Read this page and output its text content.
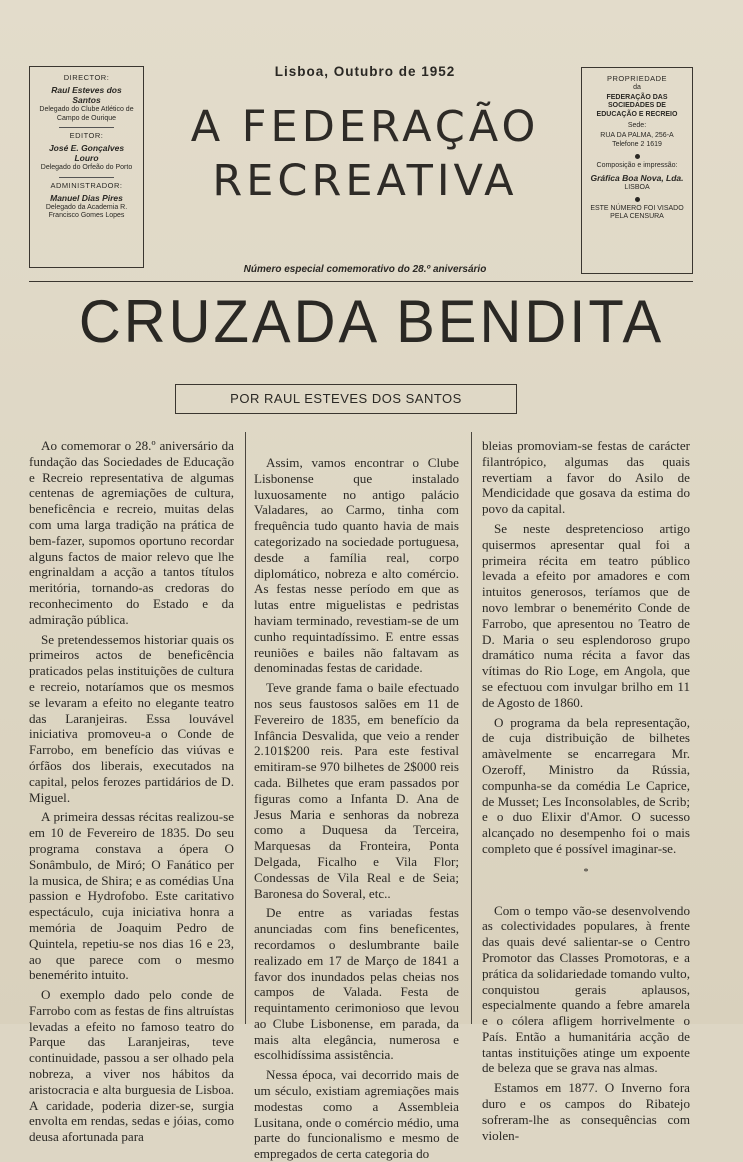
DIRECTOR:
Raul Esteves dos Santos
Delegado do Clube Atlético de Campo de Ourique
EDITOR:
José E. Gonçalves Louro
Delegado do Orfeão do Porto
ADMINISTRADOR:
Manuel Dias Pires
Delegado da Academia R. Francisco Gomes Lopes
Lisboa, Outubro de 1952
A FEDERAÇÃO
RECREATIVA
PROPRIEDADE
da
FEDERAÇÃO DAS SOCIEDADES DE EDUCAÇÃO E RECREIO
Sede:
RUA DA PALMA, 256-A
Telefone 2 1619
Composição e impressão:
Gráfica Boa Nova, Lda.
LISBOA
ESTE NÚMERO FOI VISADO PELA CENSURA
Número especial comemorativo do 28.º aniversário
CRUZADA BENDITA
POR RAUL ESTEVES DOS SANTOS

Ao comemorar o 28.º aniversário da fundação das Sociedades de Educação e Recreio representativa de algumas centenas de agremiações de cultura, beneficência e recreio, muitas delas com uma larga tradição na prática de bem-fazer, supomos oportuno recordar alguns factos de maior relevo que lhe engrinaldam a acção a tantos títulos meritória, tornando-as credoras do reconhecimento do Estado e da admiração pública.

Se pretendessemos historiar quais os primeiros actos de beneficência praticados pelas instituições de cultura e recreio, notaríamos que os mesmos se levaram a efeito no elegante teatro das Laranjeiras. Essa louvável iniciativa promoveu-a o Conde de Farrobo, em benefício das viúvas e órfãos dos liberais, executados na capital, pelos ferozes partidários de D. Miguel.

A primeira dessas récitas realizou-se em 10 de Fevereiro de 1835. Do seu programa constava a ópera O Sonâmbulo, de Miró; O Fanático per la musica, de Shira; e as comédias Una passion e Hydrofobo. Este caritativo espectáculo, cuja iniciativa honra a memória de Joaquim Pedro de Quintela, repetiu-se nos dias 16 e 23, ao que parece com o mesmo benemérito intuito.

O exemplo dado pelo conde de Farrobo com as festas de fins altruístas levadas a efeito no famoso teatro do Parque das Laranjeiras, teve continuidade, passou a ser olhado pela nobreza, a viver nos hábitos da aristocracia e alta burguesia de Lisboa. A caridade, poderia dizer-se, surgia envolta em rendas, sedas e jóias, como deusa afortunada para

Assim, vamos encontrar o Clube Lisbonense que instalado luxuosamente no antigo palácio Valadares, ao Carmo, tinha com frequência tudo quanto havia de mais categorizado na sociedade portuguesa, desde a família real, corpo diplomático, nobreza e alto comércio. As festas nesse período em que as lutas entre miguelistas e pedristas haviam terminado, revestiam-se de um cunho requintadíssimo. E entre essas reuniões e bailes não faltavam as denominadas festas de caridade.

Teve grande fama o baile efectuado nos seus faustosos salões em 11 de Fevereiro de 1835, em benefício da Infância Desvalida, que veio a render 2.101$200 reis. Para este festival emitiram-se 970 bilhetes de 2$000 reis cada. Bilhetes que eram passados por figuras como a Infanta D. Ana de Jesus Maria e senhoras da nobreza como a Duquesa da Terceira, Marquesas da Fronteira, Ponta Delgada, Ficalho e Vila Flor; Condessas de Vila Real e de Seia; Baronesa do Soveral, etc..

De entre as variadas festas anunciadas com fins beneficentes, recordamos o deslumbrante baile realizado em 17 de Março de 1841 a favor dos inundados pelas cheias nos campos de Valada. Festa de requintamento cerimonioso que levou ao Clube Lisbonense, em parada, da mais alta elegância, numerosa e escolhidíssima assistência.

Nessa época, vai decorrido mais de um século, existiam agremiações mais modestas como a Assembleia Lusitana, onde o comércio médio, uma parte do funcionalismo e mesmo de empregados de certa categoria do

bleias promoviam-se festas de carácter filantrópico, algumas das quais revertiam a favor do Asilo de Mendicidade que gosava da estima do povo da capital.

Se neste despretencioso artigo quisermos apresentar qual foi a primeira récita em teatro público levada a efeito por amadores e com intuitos generosos, teríamos que de novo lembrar o benemérito Conde de Farrobo, que apresentou no Teatro de D. Maria o seu esplendoroso grupo dramático numa récita a favor das vítimas do Rio Loge, em Angola, que se efectuou com invulgar brilho em 11 de Agosto de 1860.

O programa da bela representação, de cuja distribuição de bilhetes amàvelmente se encarregara Mr. Ozeroff, Ministro da Rússia, compunha-se da comédia Le Caprice, de Musset; Les Inconsolables, de Scrib; e o duo Elixir d'Amor. O sucesso alcançado no desempenho foi o mais completo que é possível imaginar-se.

*

Com o tempo vão-se desenvolvendo as colectividades populares, à frente das quais devé salientar-se o Centro Promotor das Classes Promotoras, e a prática da solidariedade tomando vulto, conquistou gerais aplausos, especialmente quando a febre amarela e o cólera afligem horrivelmente o País. Então a humanitária acção de tantas instituições atinge um expoente de beleza que se grava nas almas.

Estamos em 1877. O Inverno fora duro e os campos do Ribatejo sofreram-lhe as consequências com violen-
